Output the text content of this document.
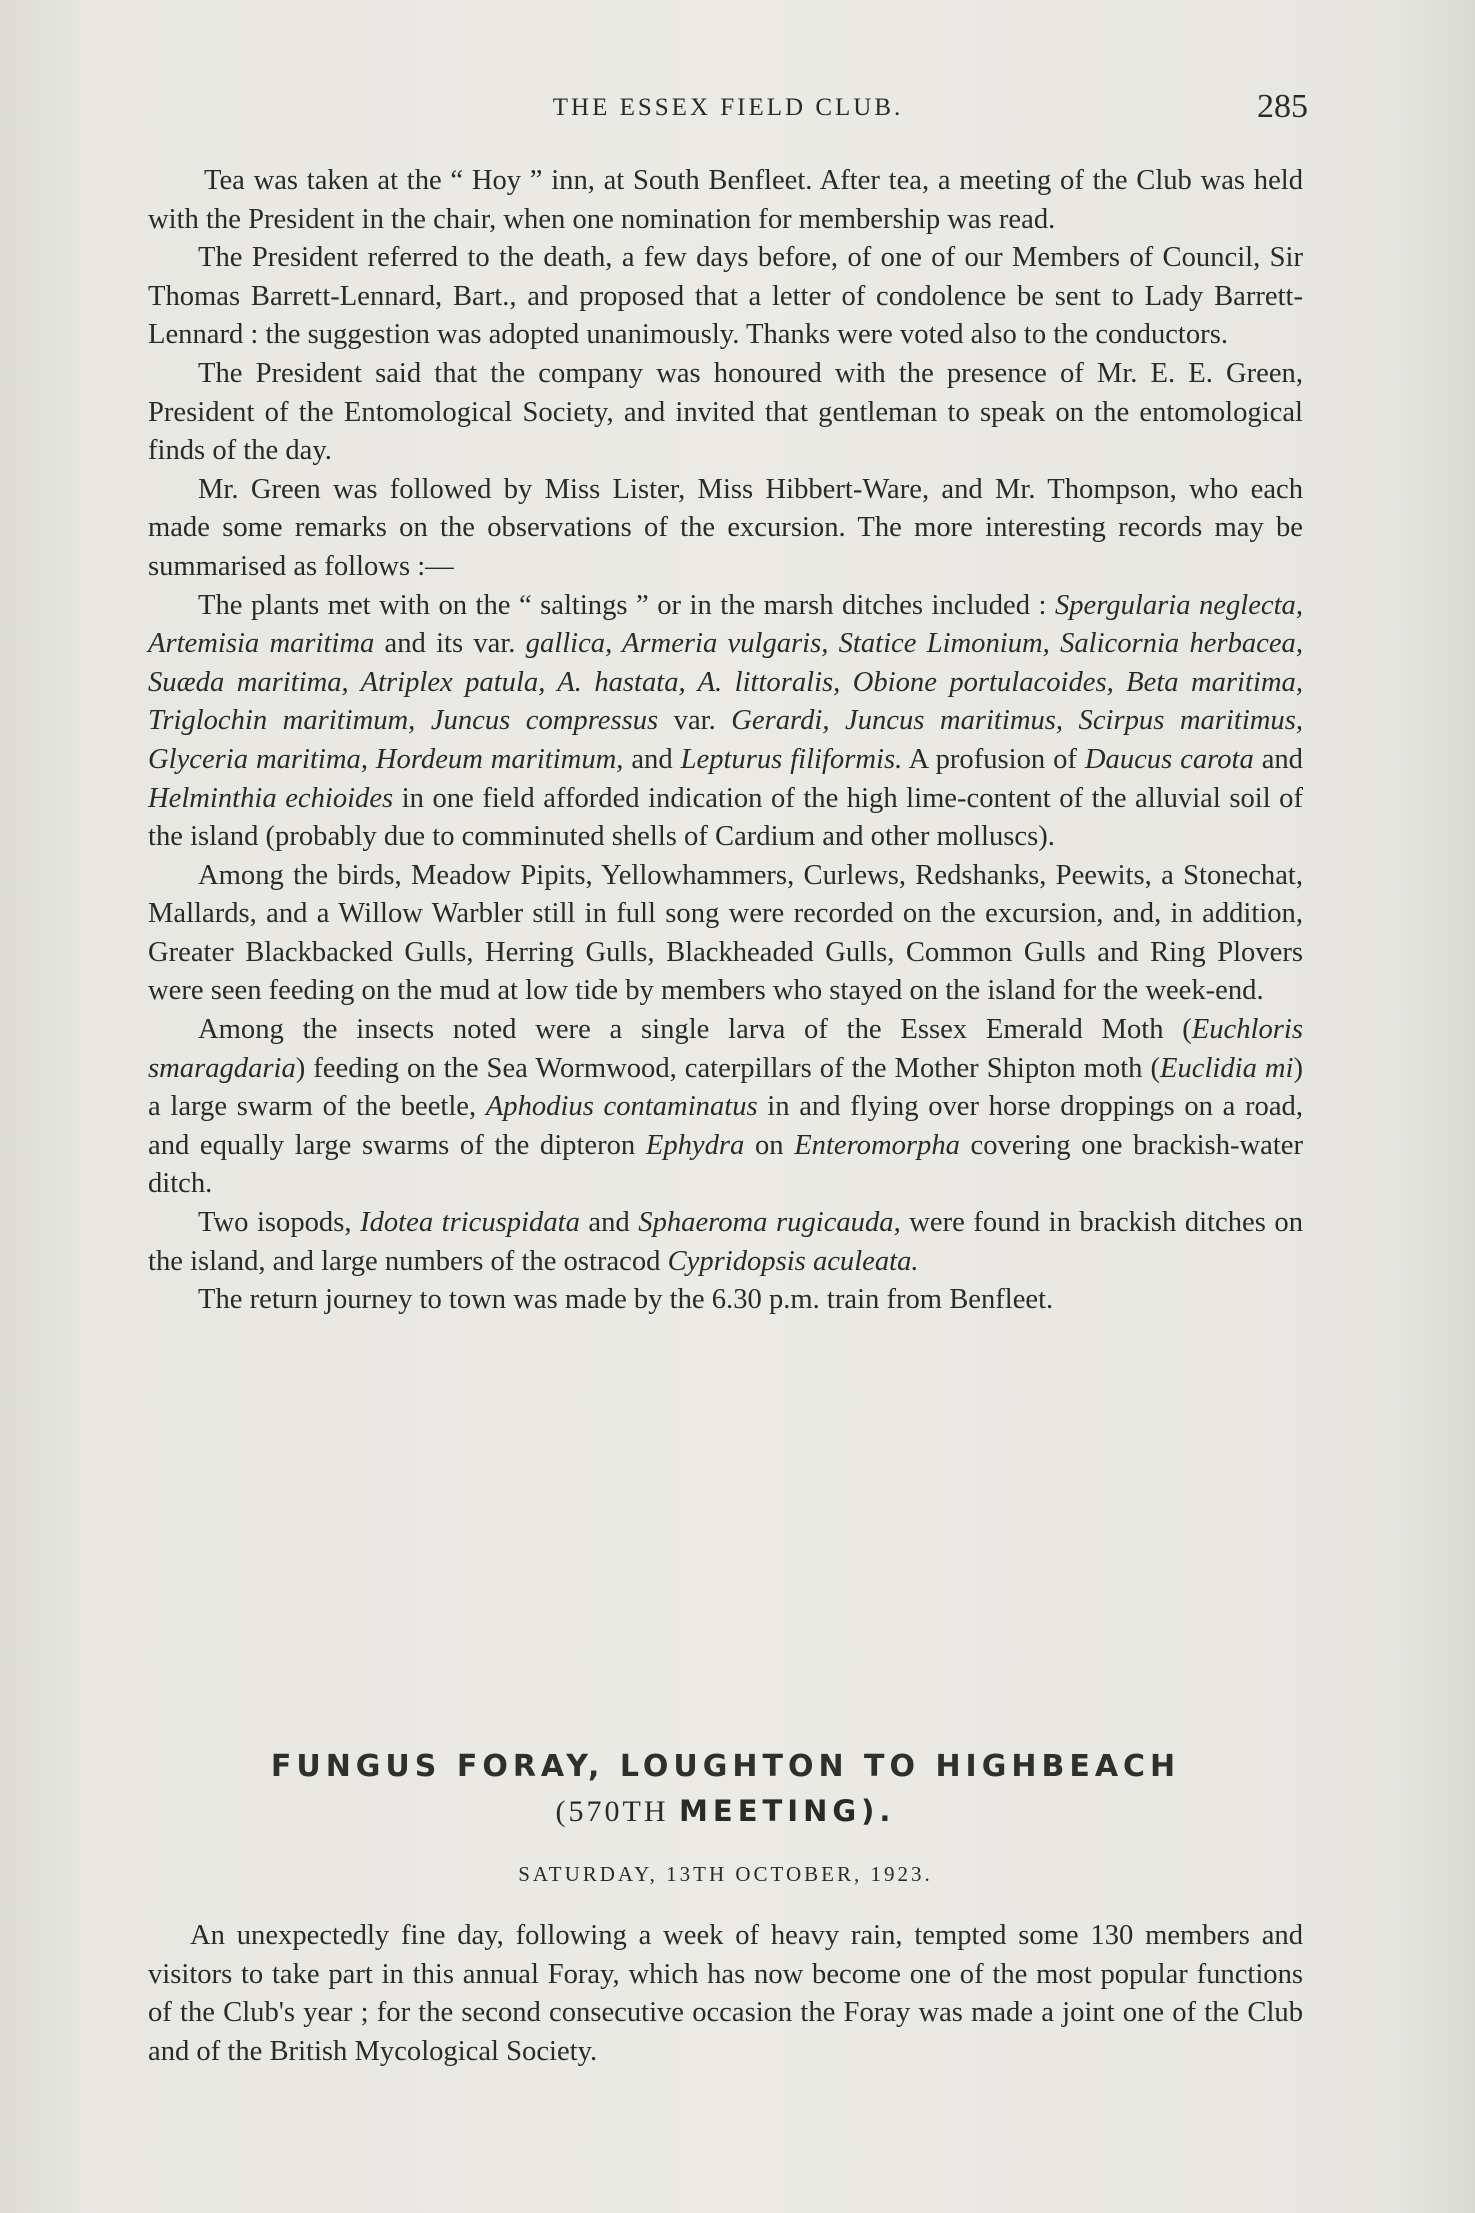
THE ESSEX FIELD CLUB.	285

Tea was taken at the “ Hoy ” inn, at South Benfleet. After tea, a meeting of the Club was held with the President in the chair, when one nomination for membership was read.

The President referred to the death, a few days before, of one of our Members of Council, Sir Thomas Barrett-Lennard, Bart., and proposed that a letter of condolence be sent to Lady Barrett-Lennard : the suggestion was adopted unanimously. Thanks were voted also to the conductors.

The President said that the company was honoured with the presence of Mr. E. E. Green, President of the Entomological Society, and invited that gentleman to speak on the entomological finds of the day.

Mr. Green was followed by Miss Lister, Miss Hibbert-Ware, and Mr. Thompson, who each made some remarks on the observations of the excursion. The more interesting records may be summarised as follows :—

The plants met with on the “ saltings ” or in the marsh ditches included : Spergularia neglecta, Artemisia maritima and its var. gallica, Armeria vulgaris, Statice Limonium, Salicornia herbacea, Suæda maritima, Atriplex patula, A. hastata, A. littoralis, Obione portulacoides, Beta maritima, Triglochin maritimum, Juncus compressus var. Gerardi, Juncus maritimus, Scirpus maritimus, Glyceria maritima, Hordeum maritimum, and Lepturus filiformis. A profusion of Daucus carota and Helminthia echioides in one field afforded indication of the high lime-content of the alluvial soil of the island (probably due to comminuted shells of Cardium and other molluscs).

Among the birds, Meadow Pipits, Yellowhammers, Curlews, Redshanks, Peewits, a Stonechat, Mallards, and a Willow Warbler still in full song were recorded on the excursion, and, in addition, Greater Blackbacked Gulls, Herring Gulls, Blackheaded Gulls, Common Gulls and Ring Plovers were seen feeding on the mud at low tide by members who stayed on the island for the week-end.

Among the insects noted were a single larva of the Essex Emerald Moth (Euchloris smaragdaria) feeding on the Sea Wormwood, caterpillars of the Mother Shipton moth (Euclidia mi) a large swarm of the beetle, Aphodius contaminatus in and flying over horse droppings on a road, and equally large swarms of the dipteron Ephydra on Enteromorpha covering one brackish-water ditch.

Two isopods, Idotea tricuspidata and Sphaeroma rugicauda, were found in brackish ditches on the island, and large numbers of the ostracod Cypridopsis aculeata.

The return journey to town was made by the 6.30 p.m. train from Benfleet.

FUNGUS FORAY, LOUGHTON TO HIGHBEACH

(570TH MEETING).

SATURDAY, 13TH OCTOBER, 1923.

An unexpectedly fine day, following a week of heavy rain, tempted some 130 members and visitors to take part in this annual Foray, which has now become one of the most popular functions of the Club's year ; for the second consecutive occasion the Foray was made a joint one of the Club and of the British Mycological Society.
